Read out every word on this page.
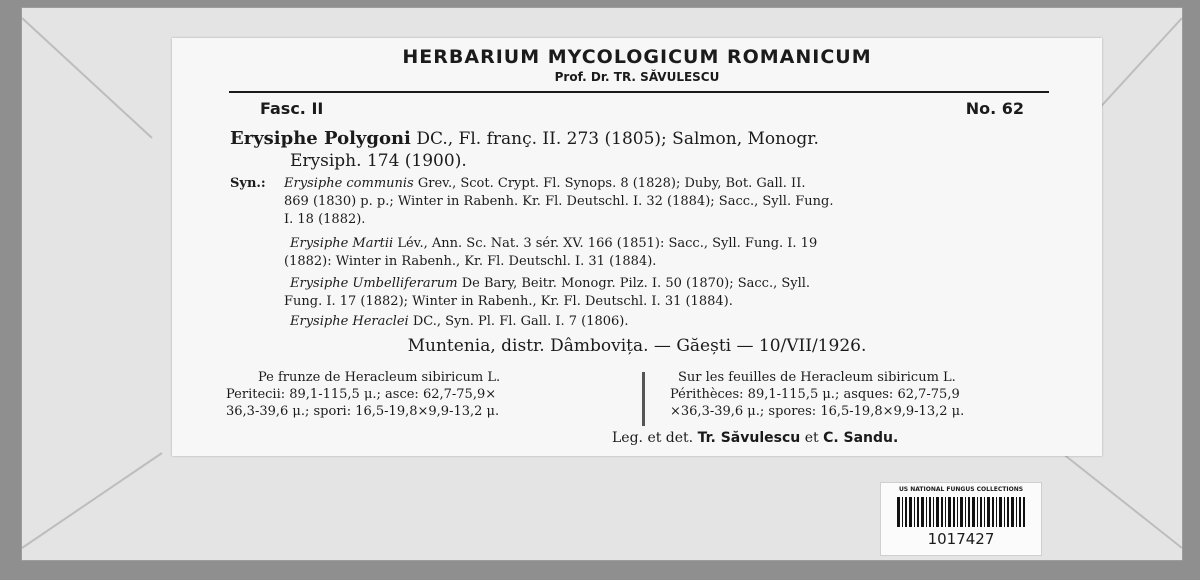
HERBARIUM MYCOLOGICUM ROMANICUM
Prof. Dr. TR. SĂVULESCU
Fasc. II	No. 62
Erysiphe Polygoni DC., Fl. franç. II. 273 (1805); Salmon, Monogr.
Erysiph. 174 (1900).
Syn.: Erysiphe communis Grev., Scot. Crypt. Fl. Synops. 8 (1828); Duby, Bot. Gall. II.
869 (1830) p. p.; Winter in Rabenh. Kr. Fl. Deutschl. I. 32 (1884); Sacc., Syll. Fung.
I. 18 (1882).
Erysiphe Martii Lév., Ann. Sc. Nat. 3 sér. XV. 166 (1851): Sacc., Syll. Fung. I. 19
(1882): Winter in Rabenh., Kr. Fl. Deutschl. I. 31 (1884).
Erysiphe Umbelliferarum De Bary, Beitr. Monogr. Pilz. I. 50 (1870); Sacc., Syll.
Fung. I. 17 (1882); Winter in Rabenh., Kr. Fl. Deutschl. I. 31 (1884).
Erysiphe Heraclei DC., Syn. Pl. Fl. Gall. I. 7 (1806).
Muntenia, distr. Dâmbovița. — Găești — 10/VII/1926.
Pe frunze de Heracleum sibiricum L.
Peritecii: 89,1-115,5 μ.; asce: 62,7-75,9×
36,3-39,6 μ.; spori: 16,5-19,8×9,9-13,2 μ.
Sur les feuilles de Heracleum sibiricum L.
Périthèces: 89,1-115,5 μ.; asques: 62,7-75,9
×36,3-39,6 μ.; spores: 16,5-19,8×9,9-13,2 μ.
Leg. et det. Tr. Săvulescu et C. Sandu.
US NATIONAL FUNGUS COLLECTIONS
1017427
